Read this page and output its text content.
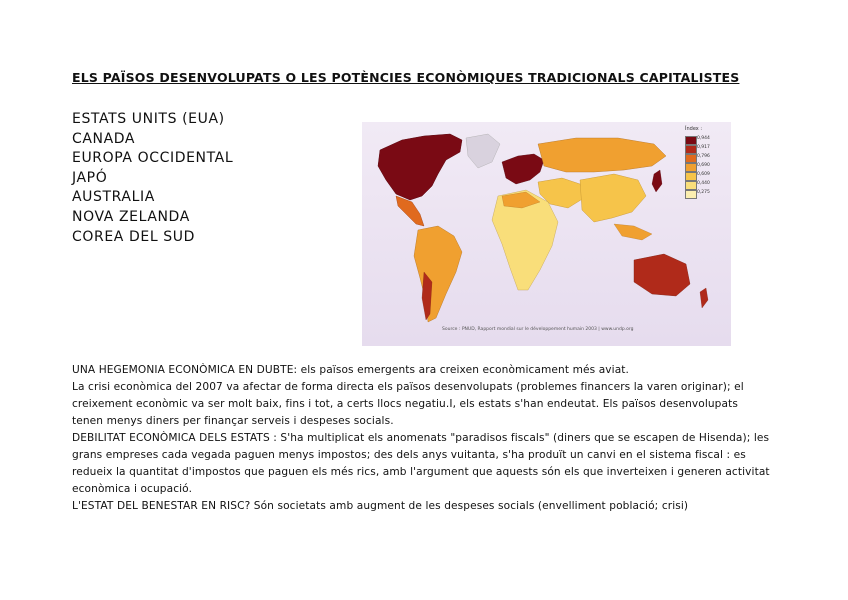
ELS PAÏSOS DESENVOLUPATS O LES POTÈNCIES ECONÒMIQUES TRADICIONALS CAPITALISTES
ESTATS UNITS (EUA)
CANADA
EUROPA OCCIDENTAL
JAPÓ
AUSTRALIA
NOVA ZELANDA
COREA DEL SUD
Índex :
0,944
0,917
0,796
0,690
0,609
0,440
0,275
Source : PNUD, Rapport mondial sur le développement humain 2003 | www.undp.org

UNA HEGEMONIA ECONÒMICA EN DUBTE: els països emergents ara creixen econòmicament més aviat.

La crisi econòmica del 2007 va afectar de forma directa els països desenvolupats (problemes financers la varen originar); el creixement econòmic va ser molt baix, fins i tot, a certs llocs negatiu.I, els estats s'han endeutat. Els països desenvolupats tenen menys diners per finançar serveis i despeses socials.

DEBILITAT ECONÒMICA DELS ESTATS : S'ha multiplicat els anomenats "paradisos fiscals" (diners que se escapen de Hisenda); les grans empreses cada vegada paguen menys impostos; des dels anys vuitanta, s'ha produït un canvi en el sistema fiscal : es redueix la quantitat d'impostos que paguen els més rics, amb l'argument que aquests són els que inverteixen i generen activitat econòmica i ocupació.

L'ESTAT DEL BENESTAR EN RISC? Són societats amb augment de les despeses socials (envelliment població; crisi)
